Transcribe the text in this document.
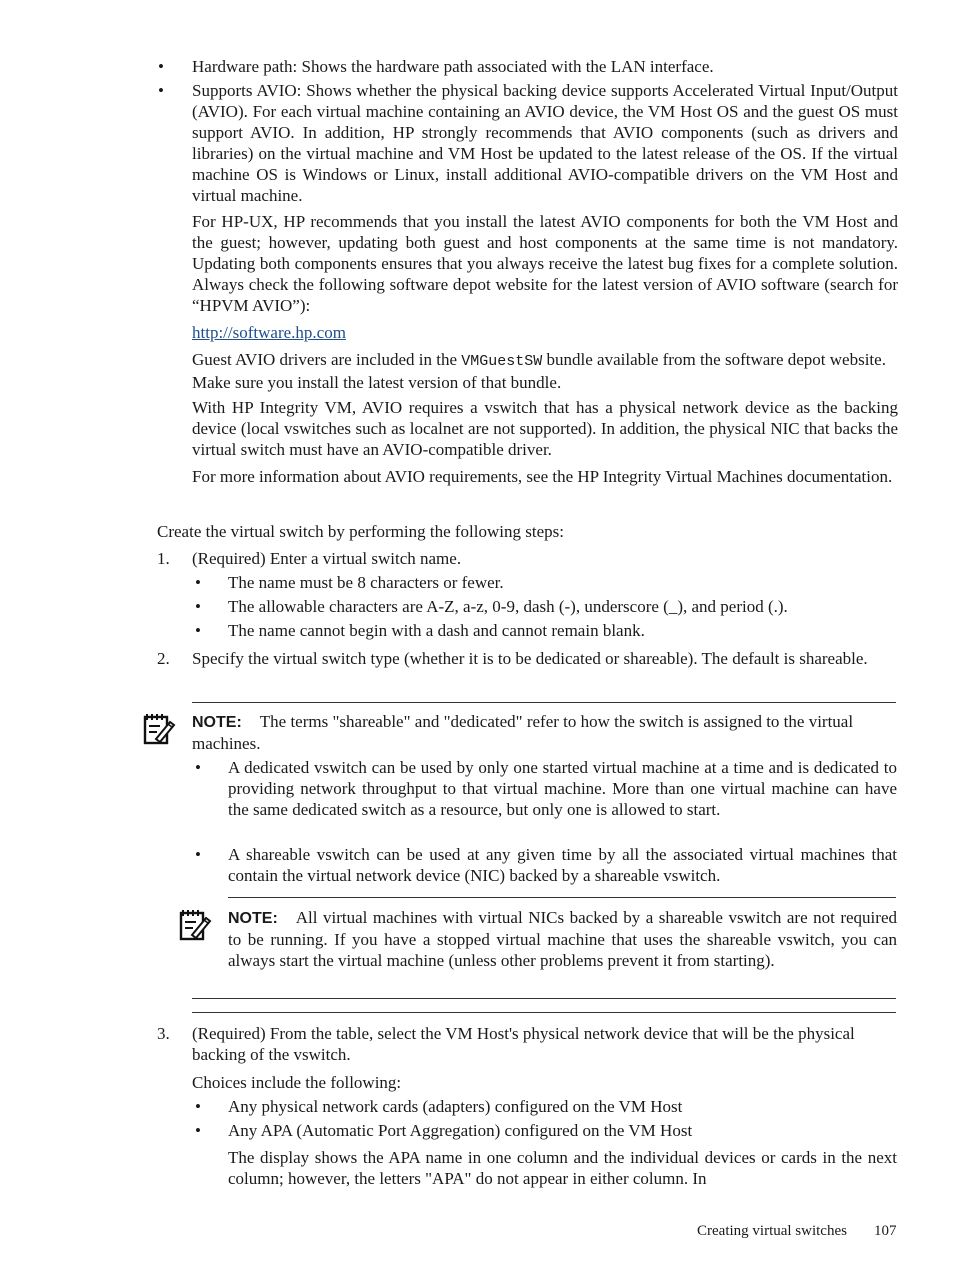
• Hardware path: Shows the hardware path associated with the LAN interface.

• Supports AVIO: Shows whether the physical backing device supports Accelerated Virtual Input/Output (AVIO). For each virtual machine containing an AVIO device, the VM Host OS and the guest OS must support AVIO. In addition, HP strongly recommends that AVIO components (such as drivers and libraries) on the virtual machine and VM Host be updated to the latest release of the OS. If the virtual machine OS is Windows or Linux, install additional AVIO-compatible drivers on the VM Host and virtual machine.

For HP-UX, HP recommends that you install the latest AVIO components for both the VM Host and the guest; however, updating both guest and host components at the same time is not mandatory. Updating both components ensures that you always receive the latest bug fixes for a complete solution. Always check the following software depot website for the latest version of AVIO software (search for “HPVM AVIO”):

http://software.hp.com

Guest AVIO drivers are included in the VMGuestSW bundle available from the software depot website. Make sure you install the latest version of that bundle.

With HP Integrity VM, AVIO requires a vswitch that has a physical network device as the backing device (local vswitches such as localnet are not supported). In addition, the physical NIC that backs the virtual switch must have an AVIO-compatible driver.

For more information about AVIO requirements, see the HP Integrity Virtual Machines documentation.

Create the virtual switch by performing the following steps:

1. (Required) Enter a virtual switch name.

• The name must be 8 characters or fewer.

• The allowable characters are A-Z, a-z, 0-9, dash (-), underscore (_), and period (.).

• The name cannot begin with a dash and cannot remain blank.

2. Specify the virtual switch type (whether it is to be dedicated or shareable). The default is shareable.

NOTE: The terms "shareable" and "dedicated" refer to how the switch is assigned to the virtual machines.

• A dedicated vswitch can be used by only one started virtual machine at a time and is dedicated to providing network throughput to that virtual machine. More than one virtual machine can have the same dedicated switch as a resource, but only one is allowed to start.

• A shareable vswitch can be used at any given time by all the associated virtual machines that contain the virtual network device (NIC) backed by a shareable vswitch.

NOTE: All virtual machines with virtual NICs backed by a shareable vswitch are not required to be running. If you have a stopped virtual machine that uses the shareable vswitch, you can always start the virtual machine (unless other problems prevent it from starting).

3. (Required) From the table, select the VM Host's physical network device that will be the physical backing of the vswitch.

Choices include the following:

• Any physical network cards (adapters) configured on the VM Host

• Any APA (Automatic Port Aggregation) configured on the VM Host

The display shows the APA name in one column and the individual devices or cards in the next column; however, the letters "APA" do not appear in either column. In

Creating virtual switches 107
